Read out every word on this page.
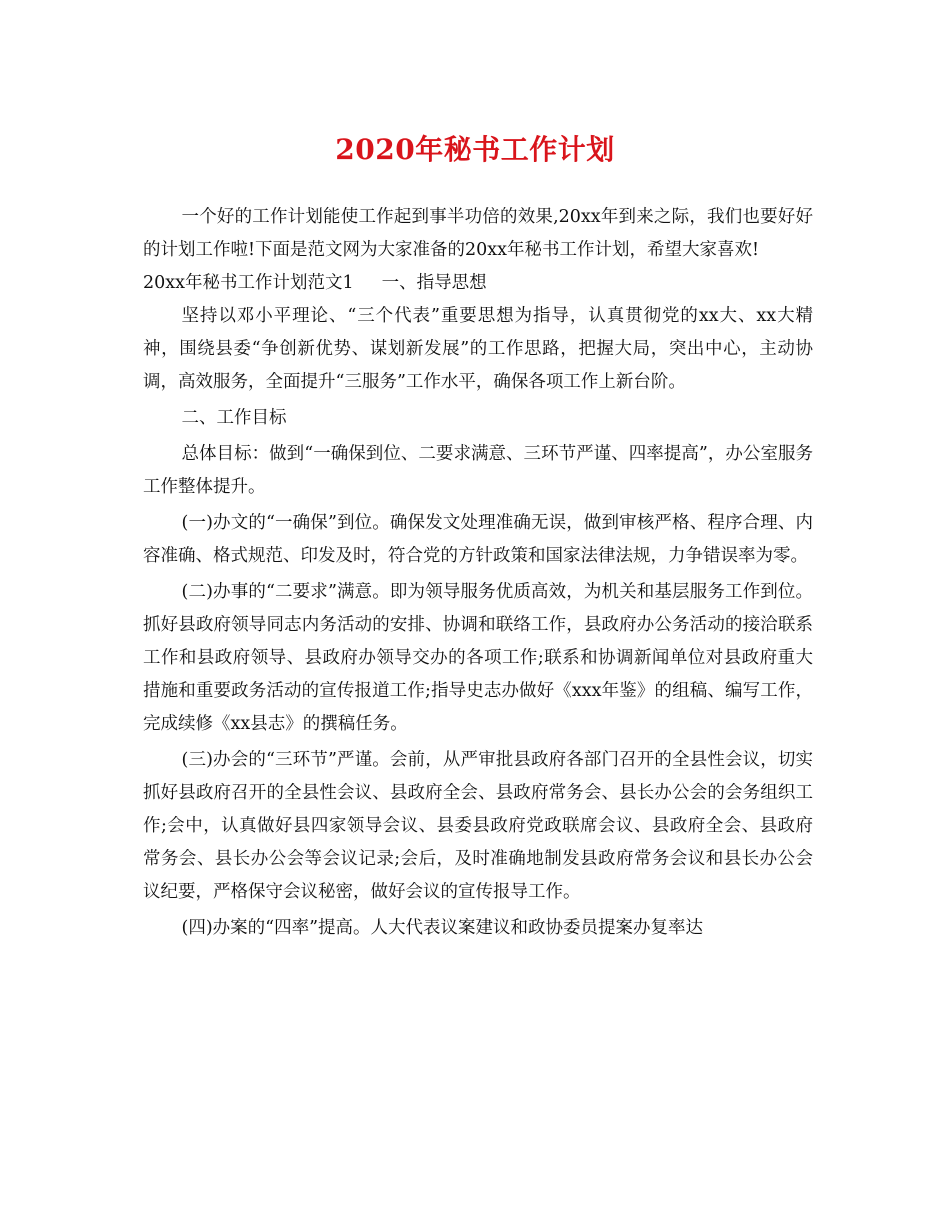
2020年秘书工作计划

一个好的工作计划能使工作起到事半功倍的效果,20xx年到来之际，我们也要好好的计划工作啦!下面是范文网为大家准备的20xx年秘书工作计划，希望大家喜欢!

20xx年秘书工作计划范文1 一、指导思想

坚持以邓小平理论、“三个代表”重要思想为指导，认真贯彻党的xx大、xx大精神，围绕县委“争创新优势、谋划新发展”的工作思路，把握大局，突出中心，主动协调，高效服务，全面提升“三服务”工作水平，确保各项工作上新台阶。

二、工作目标

总体目标：做到“一确保到位、二要求满意、三环节严谨、四率提高”，办公室服务工作整体提升。

(一)办文的“一确保”到位。确保发文处理准确无误，做到审核严格、程序合理、内容准确、格式规范、印发及时，符合党的方针政策和国家法律法规，力争错误率为零。

(二)办事的“二要求”满意。即为领导服务优质高效，为机关和基层服务工作到位。抓好县政府领导同志内务活动的安排、协调和联络工作，县政府办公务活动的接洽联系工作和县政府领导、县政府办领导交办的各项工作;联系和协调新闻单位对县政府重大措施和重要政务活动的宣传报道工作;指导史志办做好《xxx年鉴》的组稿、编写工作，完成续修《xx县志》的撰稿任务。

(三)办会的“三环节”严谨。会前，从严审批县政府各部门召开的全县性会议，切实抓好县政府召开的全县性会议、县政府全会、县政府常务会、县长办公会的会务组织工作;会中，认真做好县四家领导会议、县委县政府党政联席会议、县政府全会、县政府常务会、县长办公会等会议记录;会后，及时准确地制发县政府常务会议和县长办公会议纪要，严格保守会议秘密，做好会议的宣传报导工作。

(四)办案的“四率”提高。人大代表议案建议和政协委员提案办复率达
